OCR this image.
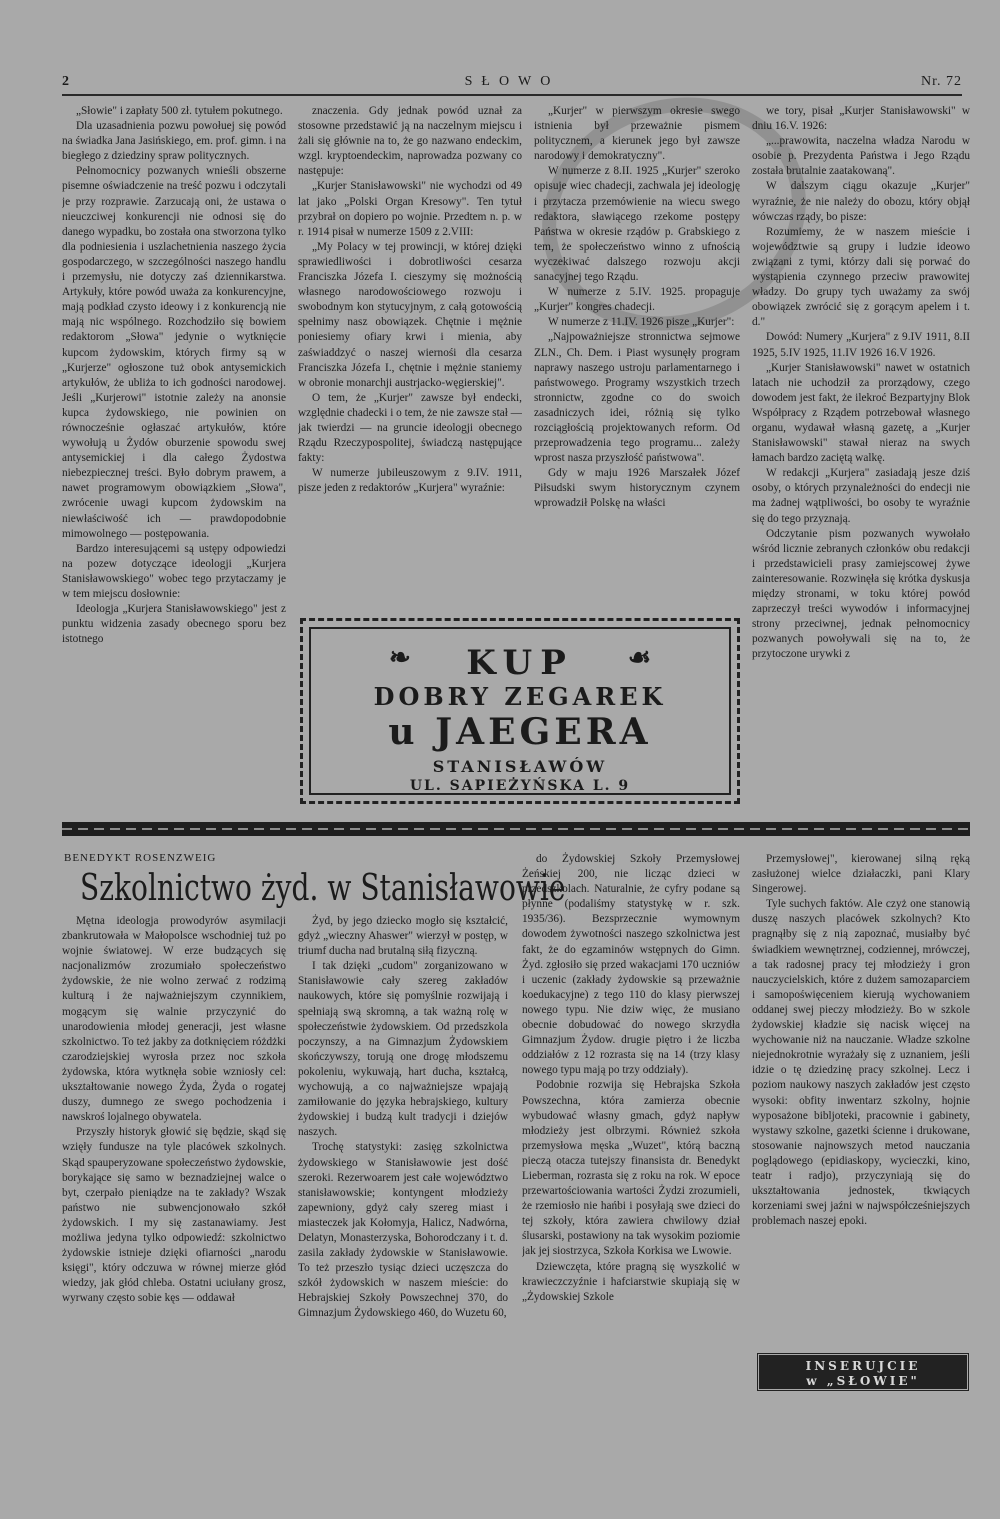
2	SŁOWO	Nr. 72

„Słowie" i zapłaty 500 zł. tytułem pokutnego.

Dla uzasadnienia pozwu powołuej się powód na świadka Jana Jasińskiego, em. prof. gimn. i na biegłego z dziedziny spraw politycznych.

Pełnomocnicy pozwanych wnieśli obszerne pisemne oświadczenie na treść pozwu i odczytali je przy rozprawie. Zarzucają oni, że ustawa o nieuczciwej konkurencji nie odnosi się do danego wypadku, bo została ona stworzona tylko dla podniesienia i uszlachetnienia naszego życia gospodarczego, w szczególności naszego handlu i przemysłu, nie dotyczy zaś dziennikarstwa. Artykuły, które powód uważa za konkurencyjne, mają podkład czysto ideowy i z konkurencją nie mają nic wspólnego. Rozchodziło się bowiem redaktorom „Słowa" jedynie o wytknięcie kupcom żydowskim, których firmy są w „Kurjerze" ogłoszone tuż obok antysemickich artykułów, że ubliża to ich godności narodowej. Jeśli „Kurjerowi" istotnie zależy na anonsie kupca żydowskiego, nie powinien on równocześnie ogłaszać artykułów, które wywołują u Żydów oburzenie spowodu swej antysemickiej i dla całego Żydostwa niebezpiecznej treści. Było dobrym prawem, a nawet programowym obowiązkiem „Słowa", zwrócenie uwagi kupcom żydowskim na niewłaściwość ich — prawdopodobnie mimowolnego — postępowania.

Bardzo interesującemi są ustępy odpowiedzi na pozew dotyczące ideologji „Kurjera Stanisławowskiego" wobec tego przytaczamy je w tem miejscu dosłownie:

Ideologja „Kurjera Stanisławowskiego" jest z punktu widzenia zasady obecnego sporu bez istotnego

znaczenia. Gdy jednak powód uznał za stosowne przedstawić ją na naczelnym miejscu i żali się głównie na to, że go nazwano endeckim, wzgl. kryptoendeckim, naprowadza pozwany co następuje:

„Kurjer Stanisławowski" nie wychodzi od 49 lat jako „Polski Organ Kresowy". Ten tytuł przybrał on dopiero po wojnie. Przedtem n. p. w r. 1914 pisał w numerze 1509 z 2.VIII:

„My Polacy w tej prowincji, w której dzięki sprawiedliwości i dobrotliwości cesarza Franciszka Józefa I. cieszymy się możnością własnego narodowościowego rozwoju i swobodnym kon stytucyjnym, z całą gotowością spełnimy nasz obowiązek. Chętnie i mężnie poniesiemy ofiary krwi i mienia, aby zaświaddzyć o naszej wiernośi dla cesarza Franciszka Józefa I., chętnie i mężnie staniemy w obronie monarchji austrjacko-węgierskiej".

O tem, że „Kurjer" zawsze był endecki, względnie chadecki i o tem, że nie zawsze stał — jak twierdzi — na gruncie ideologji obecnego Rządu Rzeczypospolitej, świadczą następujące fakty:

W numerze jubileuszowym z 9.IV. 1911, pisze jeden z redaktorów „Kurjera" wyraźnie:

„Kurjer" w pierwszym okresie swego istnienia był przeważnie pismem politycznem, a kierunek jego był zawsze narodowy i demokratyczny".

W numerze z 8.II. 1925 „Kurjer" szeroko opisuje wiec chadecji, zachwala jej ideologję i przytacza przemówienie na wiecu swego redaktora, sławiącego rzekome postępy Państwa w okresie rządów p. Grabskiego z tem, że społeczeństwo winno z ufnością wyczekiwać dalszego rozwoju akcji sanacyjnej tego Rządu.

W numerze z 5.IV. 1925. propaguje „Kurjer" kongres chadecji.

W numerze z 11.IV. 1926 pisze „Kurjer":

„Najpoważniejsze stronnictwa sejmowe ZLN., Ch. Dem. i Piast wysunęły program naprawy naszego ustroju parlamentarnego i państwowego. Programy wszystkich trzech stronnictw, zgodne co do swoich zasadniczych idei, różnią się tylko rozciągłością projektowanych reform. Od przeprowadzenia tego programu... zależy wprost nasza przyszłość państwowa".

Gdy w maju 1926 Marszałek Józef Piłsudski swym historycznym czynem wprowadził Polskę na właści

we tory, pisał „Kurjer Stanisławowski" w dniu 16.V. 1926:

„...prawowita, naczelna władza Narodu w osobie p. Prezydenta Państwa i Jego Rządu została brutalnie zaatakowaną".

W dalszym ciągu okazuje „Kurjer" wyraźnie, że nie należy do obozu, który objął wówczas rządy, bo pisze:

Rozumiemy, że w naszem mieście i województwie są grupy i ludzie ideowo związani z tymi, którzy dali się porwać do wystąpienia czynnego przeciw prawowitej władzy. Do grupy tych uważamy za swój obowiązek zwrócić się z gorącym apelem i t. d."

Dowód: Numery „Kurjera" z 9.IV 1911, 8.II 1925, 5.IV 1925, 11.IV 1926 16.V 1926.

„Kurjer Stanisławowski" nawet w ostatnich latach nie uchodził za prorządowy, czego dowodem jest fakt, że ilekroć Bezpartyjny Blok Współpracy z Rządem potrzebował własnego organu, wydawał własną gazetę, a „Kurjer Stanisławowski" stawał nieraz na swych łamach bardzo zaciętą walkę.

W redakcji „Kurjera" zasiadają jesze dziś osoby, o których przynależności do endecji nie ma żadnej wątpliwości, bo osoby te wyraźnie się do tego przyznają.

Odczytanie pism pozwanych wywołało wśród licznie zebranych członków obu redakcji i przedstawicieli prasy zamiejscowej żywe zainteresowanie. Rozwinęła się krótka dyskusja między stronami, w toku której powód zaprzeczył treści wywodów i informacyjnej strony przeciwnej, jednak pełnomocnicy pozwanych powoływali się na to, że przytoczone urywki z

❧	☙
KUP
DOBRY ZEGAREK
u JAEGERA
STANISŁAWÓW
UL. SAPIEŻYŃSKA L. 9
BENEDYKT ROSENZWEIG
Szkolnictwo żyd. w Stanisławowie

Mętna ideologja prowodyrów asymilacji zbankrutowała w Małopolsce wschodniej tuż po wojnie światowej. W erze budzących się nacjonalizmów zrozumiało społeczeństwo żydowskie, że nie wolno zerwać z rodzimą kulturą i że najważniejszym czynnikiem, mogącym się walnie przyczynić do unarodowienia młodej generacji, jest własne szkolnictwo. To też jakby za dotknięciem różdżki czarodziejskiej wyrosła przez noc szkoła żydowska, która wytknęła sobie wzniosły cel: ukształtowanie nowego Żyda, Żyda o rogatej duszy, dumnego ze swego pochodzenia i nawskroś lojalnego obywatela.

Przyszły historyk głowić się będzie, skąd się wzięły fundusze na tyle placówek szkolnych. Skąd spauperyzowane społeczeństwo żydowskie, borykające się samo w beznadziejnej walce o byt, czerpało pieniądze na te zakłady? Wszak państwo nie subwencjonowało szkół żydowskich. I my się zastanawiamy. Jest możliwa jedyna tylko odpowiedź: szkolnictwo żydowskie istnieje dzięki ofiarności „narodu księgi", który odczuwa w równej mierze głód wiedzy, jak głód chleba. Ostatni uciułany grosz, wyrwany często sobie kęs — oddawał

Żyd, by jego dziecko mogło się kształcić, gdyż „wieczny Ahaswer" wierzył w postęp, w triumf ducha nad brutalną siłą fizyczną.

I tak dzięki „cudom" zorganizowano w Stanisławowie cały szereg zakładów naukowych, które się pomyślnie rozwijają i spełniają swą skromną, a tak ważną rolę w społeczeństwie żydowskiem. Od przedszkola poczynszy, a na Gimnazjum Żydowskiem skończywszy, torują one drogę młodszemu pokoleniu, wykuwają, hart ducha, kształcą, wychowują, a co najważniejsze wpajają zamiłowanie do języka hebrajskiego, kultury żydowskiej i budzą kult tradycji i dziejów naszych.

Trochę statystyki: zasięg szkolnictwa żydowskiego w Stanisławowie jest dość szeroki. Rezerwoarem jest całe województwo stanisławowskie; kontyngent młodzieży zapewniony, gdyż cały szereg miast i miasteczek jak Kołomyja, Halicz, Nadwórna, Delatyn, Monasterzyska, Bohorodczany i t. d. zasila zakłady żydowskie w Stanisławowie. To też przeszło tysiąc dzieci uczęszcza do szkół żydowskich w naszem mieście: do Hebrajskiej Szkoły Powszechnej 370, do Gimnazjum Żydowskiego 460, do Wuzetu 60,

do Żydowskiej Szkoły Przemysłowej Żeńskiej 200, nie licząc dzieci w przedszkolach. Naturalnie, że cyfry podane są płynne (podaliśmy statystykę w r. szk. 1935/36). Bezsprzecznie wymownym dowodem żywotności naszego szkolnictwa jest fakt, że do egzaminów wstępnych do Gimn. Żyd. zgłosiło się przed wakacjami 170 uczniów i uczenic (zakłady żydowskie są przeważnie koedukacyjne) z tego 110 do klasy pierwszej nowego typu. Nie dziw więc, że musiano obecnie dobudować do nowego skrzydła Gimnazjum Żydow. drugie piętro i że liczba oddziałów z 12 rozrasta się na 14 (trzy klasy nowego typu mają po trzy oddziały).

Podobnie rozwija się Hebrajska Szkoła Powszechna, która zamierza obecnie wybudować własny gmach, gdyż napływ młodzieży jest olbrzymi. Również szkoła przemysłowa męska „Wuzet", którą baczną pieczą otacza tutejszy finansista dr. Benedykt Lieberman, rozrasta się z roku na rok. W epoce przewartościowania wartości Żydzi zrozumieli, że rzemiosło nie hańbi i posyłają swe dzieci do tej szkoły, która zawiera chwilowy dział ślusarski, postawiony na tak wysokim poziomie jak jej siostrzyca, Szkoła Korkisa we Lwowie.

Dziewczęta, które pragną się wyszkolić w krawieczczyźnie i hafciarstwie skupiają się w „Żydowskiej Szkole

Przemysłowej", kierowanej silną ręką zasłużonej wielce działaczki, pani Klary Singerowej.

Tyle suchych faktów. Ale czyż one stanowią duszę naszych placówek szkolnych? Kto pragnąłby się z nią zapoznać, musiałby być świadkiem wewnętrznej, codziennej, mrówczej, a tak radosnej pracy tej młodzieży i gron nauczycielskich, które z dużem samozaparciem i samopoświęceniem kierują wychowaniem oddanej swej pieczy młodzieży. Bo w szkole żydowskiej kładzie się nacisk więcej na wychowanie niż na nauczanie. Władze szkolne niejednokrotnie wyrażały się z uznaniem, jeśli idzie o tę dziedzinę pracy szkolnej. Lecz i poziom naukowy naszych zakładów jest często wysoki: obfity inwentarz szkolny, hojnie wyposażone bibljoteki, pracownie i gabinety, wystawy szkolne, gazetki ścienne i drukowane, stosowanie najnowszych metod nauczania poglądowego (epidiaskopy, wycieczki, kino, teatr i radjo), przyczyniają się do ukształtowania jednostek, tkwiących korzeniami swej jaźni w najwspółcześniejszych problemach naszej epoki.

INSERUJCIE
w „SŁOWIE"
